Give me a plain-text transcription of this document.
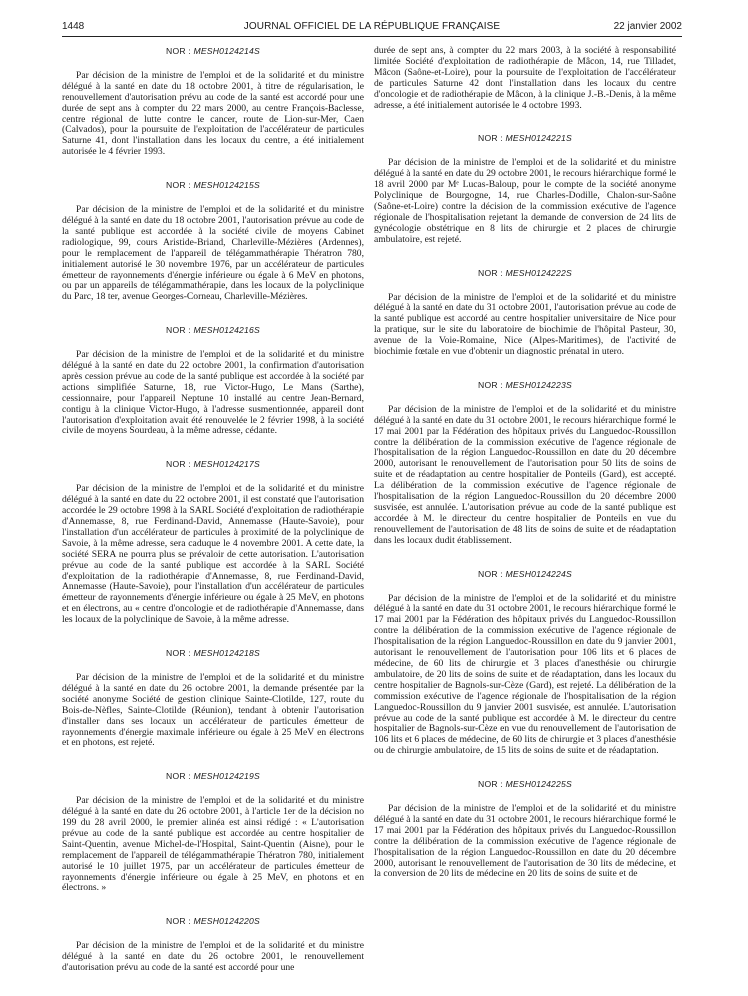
1448	JOURNAL OFFICIEL DE LA RÉPUBLIQUE FRANÇAISE	22 janvier 2002
NOR : MESH0124214S
Par décision de la ministre de l'emploi et de la solidarité et du ministre délégué à la santé en date du 18 octobre 2001, à titre de régularisation, le renouvellement d'autorisation prévu au code de la santé est accordé pour une durée de sept ans à compter du 22 mars 2000, au centre François-Baclesse, centre régional de lutte contre le cancer, route de Lion-sur-Mer, Caen (Calvados), pour la poursuite de l'exploitation de l'accélérateur de particules Saturne 41, dont l'installation dans les locaux du centre, a été initialement autorisée le 4 février 1993.
NOR : MESH0124215S
Par décision de la ministre de l'emploi et de la solidarité et du ministre délégué à la santé en date du 18 octobre 2001, l'autorisation prévue au code de la santé publique est accordée à la société civile de moyens Cabinet radiologique, 99, cours Aristide-Briand, Charleville-Mézières (Ardennes), pour le remplacement de l'appareil de télégammathérapie Thératron 780, initialement autorisé le 30 novembre 1976, par un accélérateur de particules émetteur de rayonnements d'énergie inférieure ou égale à 6 MeV en photons, ou par un appareils de télégammathérapie, dans les locaux de la polyclinique du Parc, 18 ter, avenue Georges-Corneau, Charleville-Mézières.
NOR : MESH0124216S
Par décision de la ministre de l'emploi et de la solidarité et du ministre délégué à la santé en date du 22 octobre 2001, la confirmation d'autorisation après cession prévue au code de la santé publique est accordée à la société par actions simplifiée Saturne, 18, rue Victor-Hugo, Le Mans (Sarthe), cessionnaire, pour l'appareil Neptune 10 installé au centre Jean-Bernard, contigu à la clinique Victor-Hugo, à l'adresse susmentionnée, appareil dont l'autorisation d'exploitation avait été renouvelée le 2 février 1998, à la société civile de moyens Sourdeau, à la même adresse, cédante.
NOR : MESH0124217S
Par décision de la ministre de l'emploi et de la solidarité et du ministre délégué à la santé en date du 22 octobre 2001, il est constaté que l'autorisation accordée le 29 octobre 1998 à la SARL Société d'exploitation de radiothérapie d'Annemasse, 8, rue Ferdinand-David, Annemasse (Haute-Savoie), pour l'installation d'un accélérateur de particules à proximité de la polyclinique de Savoie, à la même adresse, sera caduque le 4 novembre 2001. A cette date, la société SERA ne pourra plus se prévaloir de cette autorisation. L'autorisation prévue au code de la santé publique est accordée à la SARL Société d'exploitation de la radiothérapie d'Annemasse, 8, rue Ferdinand-David, Annemasse (Haute-Savoie), pour l'installation d'un accélérateur de particules émetteur de rayonnements d'énergie inférieure ou égale à 25 MeV, en photons et en électrons, au « centre d'oncologie et de radiothérapie d'Annemasse, dans les locaux de la polyclinique de Savoie, à la même adresse.
NOR : MESH0124218S
Par décision de la ministre de l'emploi et de la solidarité et du ministre délégué à la santé en date du 26 octobre 2001, la demande présentée par la société anonyme Société de gestion clinique Sainte-Clotilde, 127, route du Bois-de-Nèfles, Sainte-Clotilde (Réunion), tendant à obtenir l'autorisation d'installer dans ses locaux un accélérateur de particules émetteur de rayonnements d'énergie maximale inférieure ou égale à 25 MeV en électrons et en photons, est rejeté.
NOR : MESH0124219S
Par décision de la ministre de l'emploi et de la solidarité et du ministre délégué à la santé en date du 26 octobre 2001, à l'article 1er de la décision no 199 du 28 avril 2000, le premier alinéa est ainsi rédigé : « L'autorisation prévue au code de la santé publique est accordée au centre hospitalier de Saint-Quentin, avenue Michel-de-l'Hospital, Saint-Quentin (Aisne), pour le remplacement de l'appareil de télégammathérapie Thératron 780, initialement autorisé le 10 juillet 1975, par un accélérateur de particules émetteur de rayonnements d'énergie inférieure ou égale à 25 MeV, en photons et en électrons. »
NOR : MESH0124220S
Par décision de la ministre de l'emploi et de la solidarité et du ministre délégué à la santé en date du 26 octobre 2001, le renouvellement d'autorisation prévu au code de la santé est accordé pour une
durée de sept ans, à compter du 22 mars 2003, à la société à responsabilité limitée Société d'exploitation de radiothérapie de Mâcon, 14, rue Tilladet, Mâcon (Saône-et-Loire), pour la poursuite de l'exploitation de l'accélérateur de particules Saturne 42 dont l'installation dans les locaux du centre d'oncologie et de radiothérapie de Mâcon, à la clinique J.-B.-Denis, à la même adresse, a été initialement autorisée le 4 octobre 1993.
NOR : MESH0124221S
Par décision de la ministre de l'emploi et de la solidarité et du ministre délégué à la santé en date du 29 octobre 2001, le recours hiérarchique formé le 18 avril 2000 par Mᵉ Lucas-Baloup, pour le compte de la société anonyme Polyclinique de Bourgogne, 14, rue Charles-Dodille, Chalon-sur-Saône (Saône-et-Loire) contre la décision de la commission exécutive de l'agence régionale de l'hospitalisation rejetant la demande de conversion de 24 lits de gynécologie obstétrique en 8 lits de chirurgie et 2 places de chirurgie ambulatoire, est rejeté.
NOR : MESH0124222S
Par décision de la ministre de l'emploi et de la solidarité et du ministre délégué à la santé en date du 31 octobre 2001, l'autorisation prévue au code de la santé publique est accordé au centre hospitalier universitaire de Nice pour la pratique, sur le site du laboratoire de biochimie de l'hôpital Pasteur, 30, avenue de la Voie-Romaine, Nice (Alpes-Maritimes), de l'activité de biochimie fœtale en vue d'obtenir un diagnostic prénatal in utero.
NOR : MESH0124223S
Par décision de la ministre de l'emploi et de la solidarité et du ministre délégué à la santé en date du 31 octobre 2001, le recours hiérarchique formé le 17 mai 2001 par la Fédération des hôpitaux privés du Languedoc-Roussillon contre la délibération de la commission exécutive de l'agence régionale de l'hospitalisation de la région Languedoc-Roussillon en date du 20 décembre 2000, autorisant le renouvellement de l'autorisation pour 50 lits de soins de suite et de réadaptation au centre hospitalier de Ponteils (Gard), est accepté. La délibération de la commission exécutive de l'agence régionale de l'hospitalisation de la région Languedoc-Roussillon du 20 décembre 2000 susvisée, est annulée. L'autorisation prévue au code de la santé publique est accordée à M. le directeur du centre hospitalier de Ponteils en vue du renouvellement de l'autorisation de 48 lits de soins de suite et de réadaptation dans les locaux dudit établissement.
NOR : MESH0124224S
Par décision de la ministre de l'emploi et de la solidarité et du ministre délégué à la santé en date du 31 octobre 2001, le recours hiérarchique formé le 17 mai 2001 par la Fédération des hôpitaux privés du Languedoc-Roussillon contre la délibération de la commission exécutive de l'agence régionale de l'hospitalisation de la région Languedoc-Roussillon en date du 9 janvier 2001, autorisant le renouvellement de l'autorisation pour 106 lits et 6 places de médecine, de 60 lits de chirurgie et 3 places d'anesthésie ou chirurgie ambulatoire, de 20 lits de soins de suite et de réadaptation, dans les locaux du centre hospitalier de Bagnols-sur-Cèze (Gard), est rejeté. La délibération de la commission exécutive de l'agence régionale de l'hospitalisation de la région Languedoc-Roussillon du 9 janvier 2001 susvisée, est annulée. L'autorisation prévue au code de la santé publique est accordée à M. le directeur du centre hospitalier de Bagnols-sur-Cèze en vue du renouvellement de l'autorisation de 106 lits et 6 places de médecine, de 60 lits de chirurgie et 3 places d'anesthésie ou de chirurgie ambulatoire, de 15 lits de soins de suite et de réadaptation.
NOR : MESH0124225S
Par décision de la ministre de l'emploi et de la solidarité et du ministre délégué à la santé en date du 31 octobre 2001, le recours hiérarchique formé le 17 mai 2001 par la Fédération des hôpitaux privés du Languedoc-Roussillon contre la délibération de la commission exécutive de l'agence régionale de l'hospitalisation de la région Languedoc-Roussillon en date du 20 décembre 2000, autorisant le renouvellement de l'autorisation de 30 lits de médecine, et la conversion de 20 lits de médecine en 20 lits de soins de suite et de
